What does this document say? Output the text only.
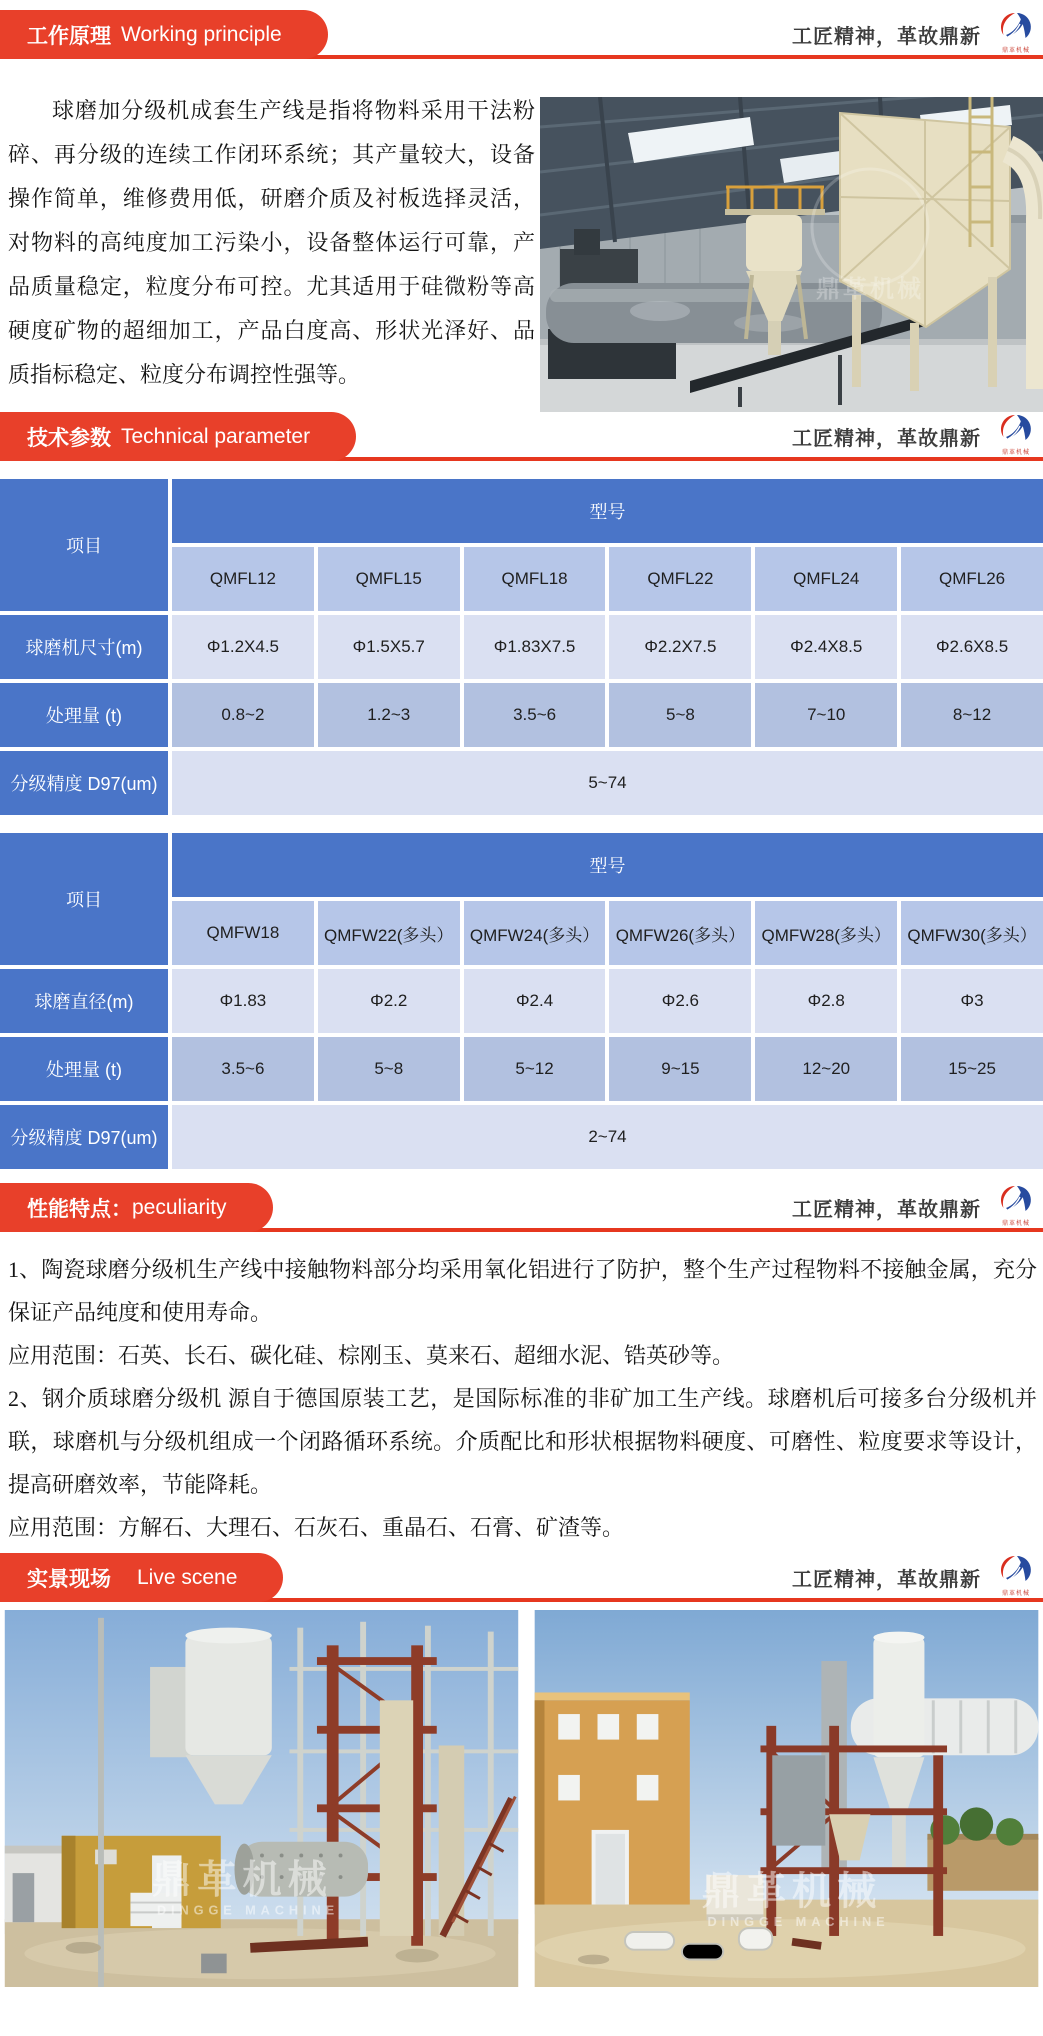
工作原理 Working principle	工匠精神，革故鼎新
鼎革机械

球磨加分级机成套生产线是指将物料采用干法粉碎、再分级的连续工作闭环系统；其产量较大，设备操作简单，维修费用低，研磨介质及衬板选择灵活，对物料的高纯度加工污染小，设备整体运行可靠，产品质量稳定，粒度分布可控。尤其适用于硅微粉等高硬度矿物的超细加工，产品白度高、形状光泽好、品质指标稳定、粒度分布调控性强等。

鼎革机械
技术参数 Technical parameter	工匠精神，革故鼎新
鼎革机械
项目
型号
QMFL12	QMFL15	QMFL18	QMFL22	QMFL24	QMFL26
球磨机尺寸(m)	Φ1.2X4.5	Φ1.5X5.7	Φ1.83X7.5	Φ2.2X7.5	Φ2.4X8.5	Φ2.6X8.5
处理量 (t)	0.8~2	1.2~3	3.5~6	5~8	7~10	8~12
分级精度 D97(um)	5~74
项目
型号
QMFW18	QMFW22(多头） QMFW24(多头） QMFW26(多头） QMFW28(多头） QMFW30(多头）
球磨直径(m)	Φ1.83	Φ2.2	Φ2.4	Φ2.6	Φ2.8	Φ3
处理量 (t)	3.5~6	5~8	5~12	9~15	12~20	15~25
分级精度 D97(um)	2~74
性能特点： peculiarity	工匠精神，革故鼎新
鼎革机械

1、陶瓷球磨分级机生产线中接触物料部分均采用氧化铝进行了防护，整个生产过程物料不接触金属，充分保证产品纯度和使用寿命。

应用范围：石英、长石、碳化硅、棕刚玉、莫来石、超细水泥、锆英砂等。

2、钢介质球磨分级机 源自于德国原装工艺，是国际标准的非矿加工生产线。球磨机后可接多台分级机并联，球磨机与分级机组成一个闭路循环系统。介质配比和形状根据物料硬度、可磨性、粒度要求等设计，提高研磨效率，节能降耗。

应用范围：方解石、大理石、石灰石、重晶石、石膏、矿渣等。

实景现场 Live scene	工匠精神，革故鼎新
鼎革机械
鼎革机械
DINGGE MACHINE	鼎革机械
DINGGE MACHINE
